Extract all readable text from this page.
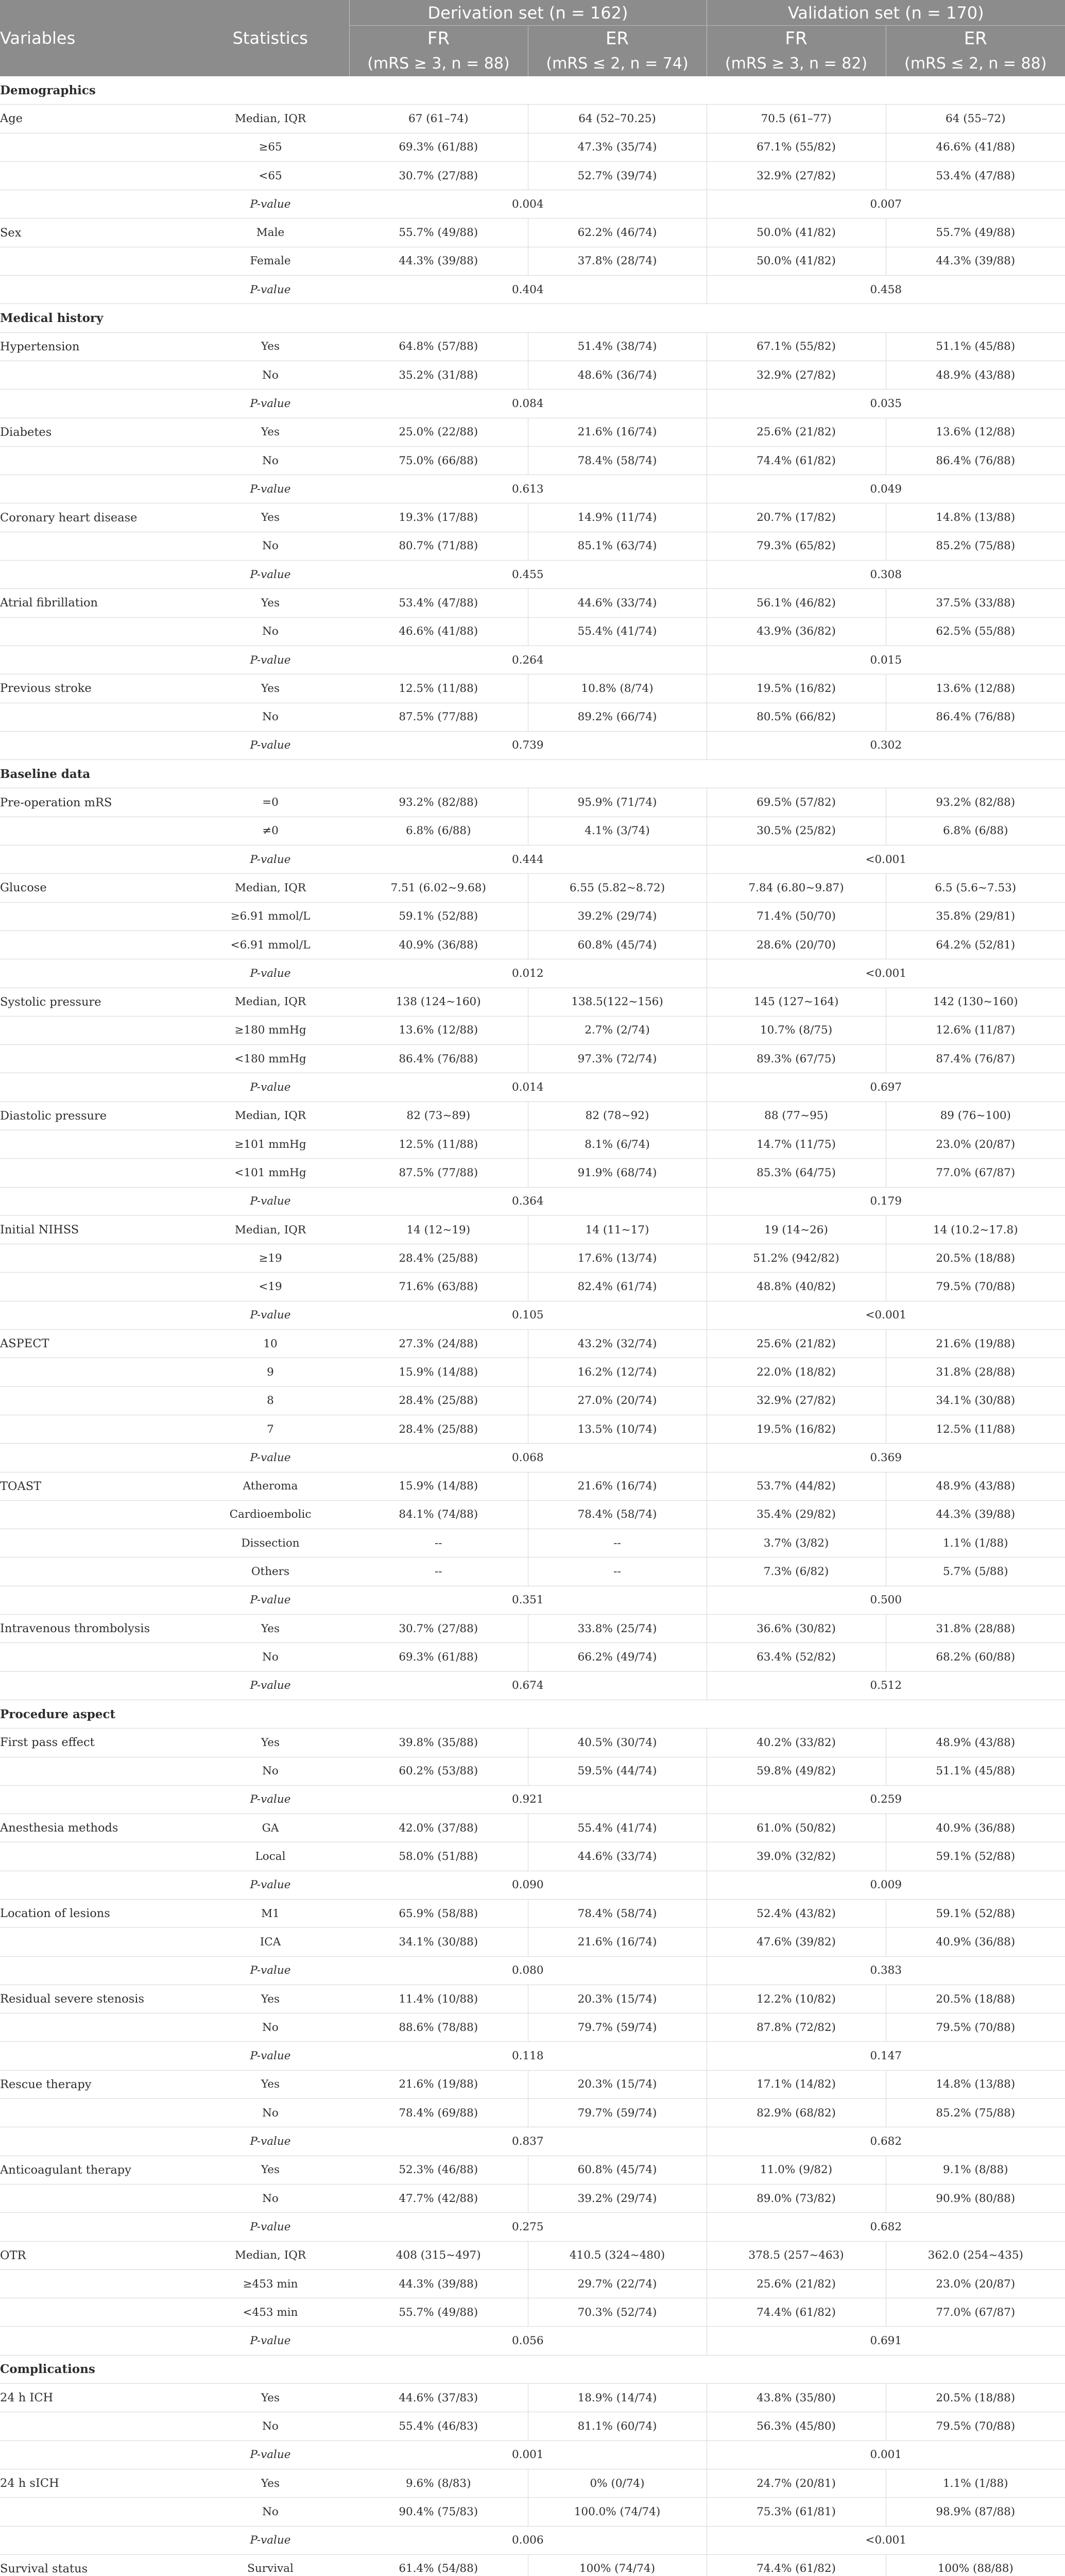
Variables	Statistics	Derivation set (n = 162)		Validation set (n = 170)	
		FR	ER	FR	ER
		(mRS ≥ 3, n = 88)	(mRS ≤ 2, n = 74)	(mRS ≥ 3, n = 82)	(mRS ≤ 2, n = 88)
Demographics					
Age	Median, IQR	67 (61–74)	64 (52–70.25)	70.5 (61–77)	64 (55–72)
	≥65	69.3% (61/88)	47.3% (35/74)	67.1% (55/82)	46.6% (41/88)
	<65	30.7% (27/88)	52.7% (39/74)	32.9% (27/82)	53.4% (47/88)
	P-value	0.004		0.007	
Sex	Male	55.7% (49/88)	62.2% (46/74)	50.0% (41/82)	55.7% (49/88)
	Female	44.3% (39/88)	37.8% (28/74)	50.0% (41/82)	44.3% (39/88)
	P-value	0.404		0.458	
Medical history					
Hypertension	Yes	64.8% (57/88)	51.4% (38/74)	67.1% (55/82)	51.1% (45/88)
	No	35.2% (31/88)	48.6% (36/74)	32.9% (27/82)	48.9% (43/88)
	P-value	0.084		0.035	
Diabetes	Yes	25.0% (22/88)	21.6% (16/74)	25.6% (21/82)	13.6% (12/88)
	No	75.0% (66/88)	78.4% (58/74)	74.4% (61/82)	86.4% (76/88)
	P-value	0.613		0.049	
Coronary heart disease	Yes	19.3% (17/88)	14.9% (11/74)	20.7% (17/82)	14.8% (13/88)
	No	80.7% (71/88)	85.1% (63/74)	79.3% (65/82)	85.2% (75/88)
	P-value	0.455		0.308	
Atrial fibrillation	Yes	53.4% (47/88)	44.6% (33/74)	56.1% (46/82)	37.5% (33/88)
	No	46.6% (41/88)	55.4% (41/74)	43.9% (36/82)	62.5% (55/88)
	P-value	0.264		0.015	
Previous stroke	Yes	12.5% (11/88)	10.8% (8/74)	19.5% (16/82)	13.6% (12/88)
	No	87.5% (77/88)	89.2% (66/74)	80.5% (66/82)	86.4% (76/88)
	P-value	0.739		0.302	
Baseline data					
Pre-operation mRS	=0	93.2% (82/88)	95.9% (71/74)	69.5% (57/82)	93.2% (82/88)
	≠0	6.8% (6/88)	4.1% (3/74)	30.5% (25/82)	6.8% (6/88)
	P-value	0.444		<0.001	
Glucose	Median, IQR	7.51 (6.02~9.68)	6.55 (5.82~8.72)	7.84 (6.80~9.87)	6.5 (5.6~7.53)
	≥6.91 mmol/L	59.1% (52/88)	39.2% (29/74)	71.4% (50/70)	35.8% (29/81)
	<6.91 mmol/L	40.9% (36/88)	60.8% (45/74)	28.6% (20/70)	64.2% (52/81)
	P-value	0.012		<0.001	
Systolic pressure	Median, IQR	138 (124~160)	138.5(122~156)	145 (127~164)	142 (130~160)
	≥180 mmHg	13.6% (12/88)	2.7% (2/74)	10.7% (8/75)	12.6% (11/87)
	<180 mmHg	86.4% (76/88)	97.3% (72/74)	89.3% (67/75)	87.4% (76/87)
	P-value	0.014		0.697	
Diastolic pressure	Median, IQR	82 (73~89)	82 (78~92)	88 (77~95)	89 (76~100)
	≥101 mmHg	12.5% (11/88)	8.1% (6/74)	14.7% (11/75)	23.0% (20/87)
	<101 mmHg	87.5% (77/88)	91.9% (68/74)	85.3% (64/75)	77.0% (67/87)
	P-value	0.364		0.179	
Initial NIHSS	Median, IQR	14 (12~19)	14 (11~17)	19 (14~26)	14 (10.2~17.8)
	≥19	28.4% (25/88)	17.6% (13/74)	51.2% (942/82)	20.5% (18/88)
	<19	71.6% (63/88)	82.4% (61/74)	48.8% (40/82)	79.5% (70/88)
	P-value	0.105		<0.001	
ASPECT	10	27.3% (24/88)	43.2% (32/74)	25.6% (21/82)	21.6% (19/88)
	9	15.9% (14/88)	16.2% (12/74)	22.0% (18/82)	31.8% (28/88)
	8	28.4% (25/88)	27.0% (20/74)	32.9% (27/82)	34.1% (30/88)
	7	28.4% (25/88)	13.5% (10/74)	19.5% (16/82)	12.5% (11/88)
	P-value	0.068		0.369	
TOAST	Atheroma	15.9% (14/88)	21.6% (16/74)	53.7% (44/82)	48.9% (43/88)
	Cardioembolic	84.1% (74/88)	78.4% (58/74)	35.4% (29/82)	44.3% (39/88)
	Dissection	--	--	3.7% (3/82)	1.1% (1/88)
	Others	--	--	7.3% (6/82)	5.7% (5/88)
	P-value	0.351		0.500	
Intravenous thrombolysis	Yes	30.7% (27/88)	33.8% (25/74)	36.6% (30/82)	31.8% (28/88)
	No	69.3% (61/88)	66.2% (49/74)	63.4% (52/82)	68.2% (60/88)
	P-value	0.674		0.512	
Procedure aspect					
First pass effect	Yes	39.8% (35/88)	40.5% (30/74)	40.2% (33/82)	48.9% (43/88)
	No	60.2% (53/88)	59.5% (44/74)	59.8% (49/82)	51.1% (45/88)
	P-value	0.921		0.259	
Anesthesia methods	GA	42.0% (37/88)	55.4% (41/74)	61.0% (50/82)	40.9% (36/88)
	Local	58.0% (51/88)	44.6% (33/74)	39.0% (32/82)	59.1% (52/88)
	P-value	0.090		0.009	
Location of lesions	M1	65.9% (58/88)	78.4% (58/74)	52.4% (43/82)	59.1% (52/88)
	ICA	34.1% (30/88)	21.6% (16/74)	47.6% (39/82)	40.9% (36/88)
	P-value	0.080		0.383	
Residual severe stenosis	Yes	11.4% (10/88)	20.3% (15/74)	12.2% (10/82)	20.5% (18/88)
	No	88.6% (78/88)	79.7% (59/74)	87.8% (72/82)	79.5% (70/88)
	P-value	0.118		0.147	
Rescue therapy	Yes	21.6% (19/88)	20.3% (15/74)	17.1% (14/82)	14.8% (13/88)
	No	78.4% (69/88)	79.7% (59/74)	82.9% (68/82)	85.2% (75/88)
	P-value	0.837		0.682	
Anticoagulant therapy	Yes	52.3% (46/88)	60.8% (45/74)	11.0% (9/82)	9.1% (8/88)
	No	47.7% (42/88)	39.2% (29/74)	89.0% (73/82)	90.9% (80/88)
	P-value	0.275		0.682	
OTR	Median, IQR	408 (315~497)	410.5 (324~480)	378.5 (257~463)	362.0 (254~435)
	≥453 min	44.3% (39/88)	29.7% (22/74)	25.6% (21/82)	23.0% (20/87)
	<453 min	55.7% (49/88)	70.3% (52/74)	74.4% (61/82)	77.0% (67/87)
	P-value	0.056		0.691	
Complications					
24 h ICH	Yes	44.6% (37/83)	18.9% (14/74)	43.8% (35/80)	20.5% (18/88)
	No	55.4% (46/83)	81.1% (60/74)	56.3% (45/80)	79.5% (70/88)
	P-value	0.001		0.001	
24 h sICH	Yes	9.6% (8/83)	0% (0/74)	24.7% (20/81)	1.1% (1/88)
	No	90.4% (75/83)	100.0% (74/74)	75.3% (61/81)	98.9% (87/88)
	P-value	0.006		<0.001	
Survival status	Survival	61.4% (54/88)	100% (74/74)	74.4% (61/82)	100% (88/88)
